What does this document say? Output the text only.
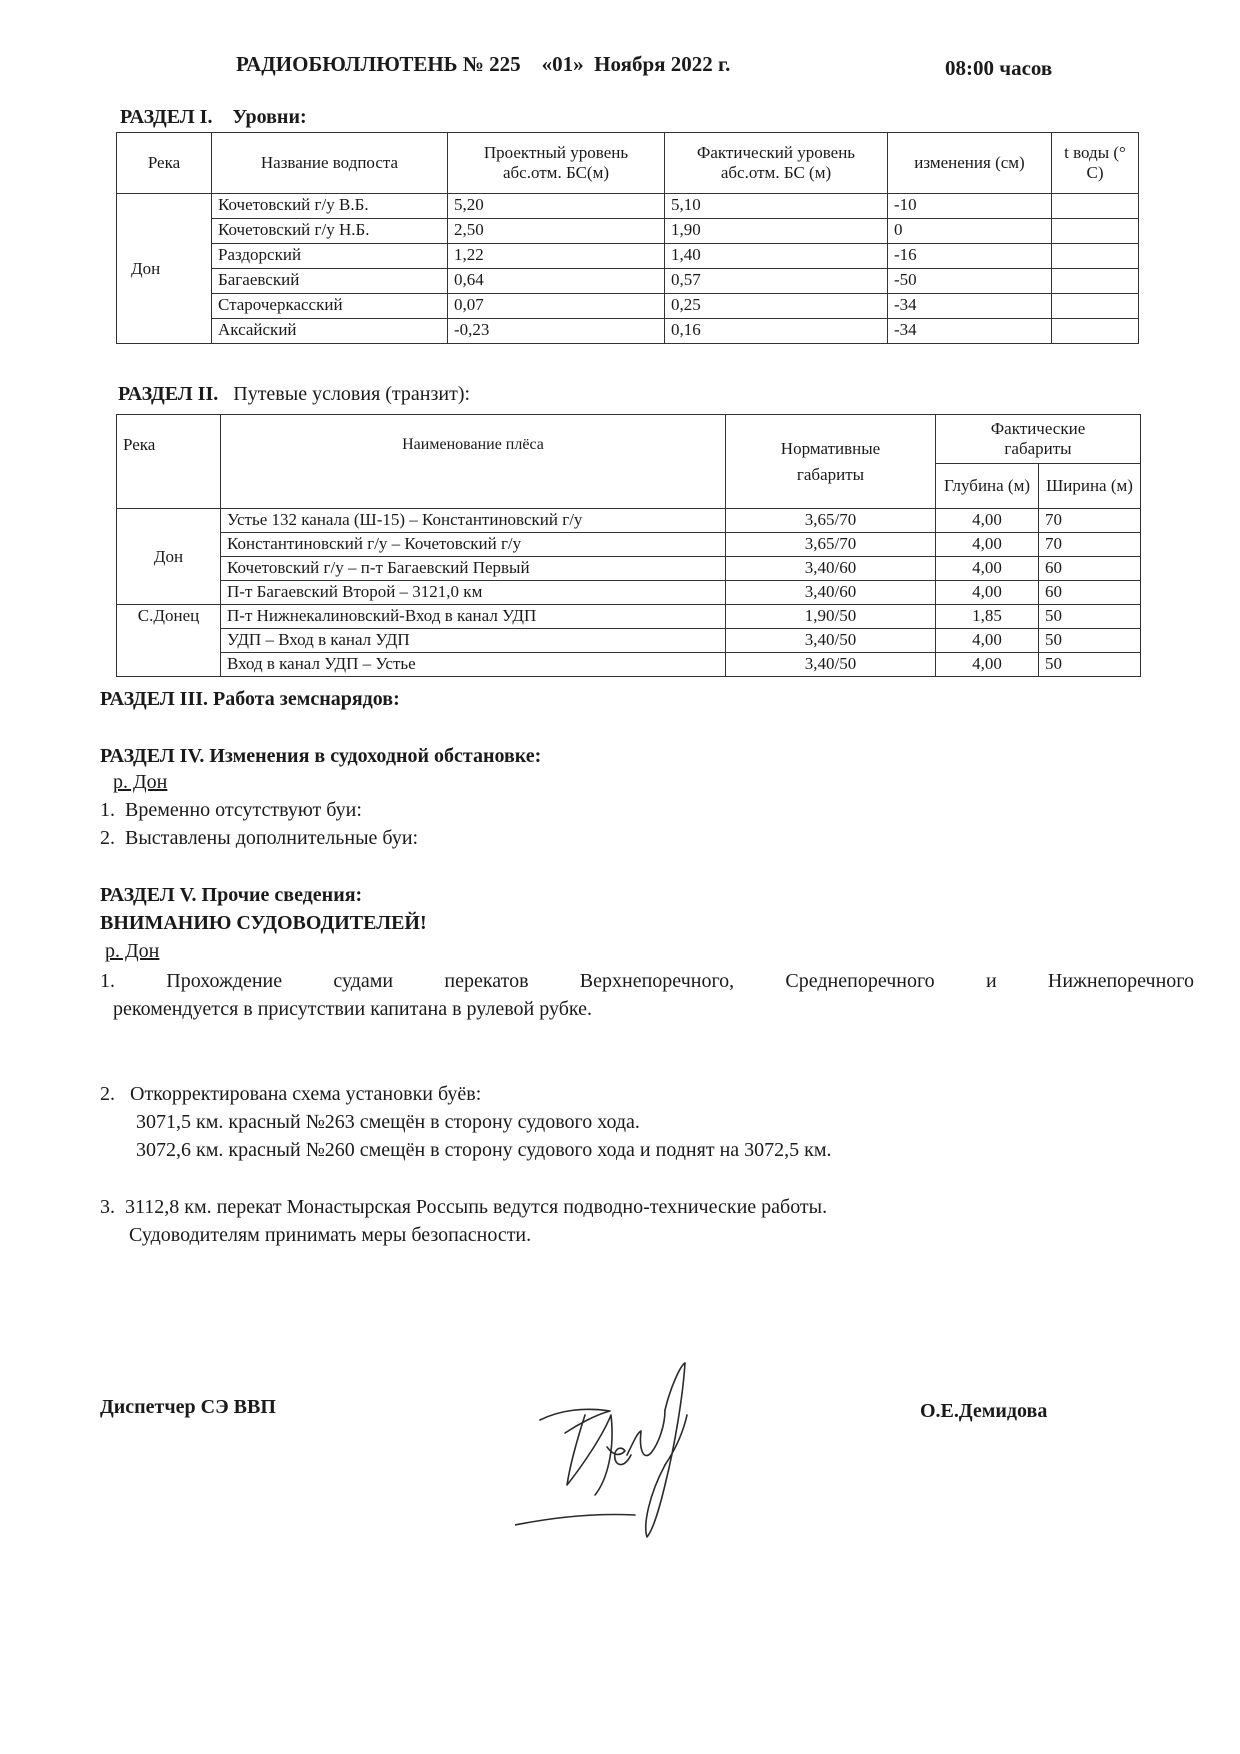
РАДИОБЮЛЛЮТЕНЬ № 225    «01»  Ноября 2022 г.	08:00 часов
РАЗДЕЛ I. Уровни:
Река	Название водпоста	Проектный уровень абс.отм. БС(м)	Фактический уровень абс.отм. БС (м)	изменения (см)	t воды (° С)
Дон	Кочетовский г/у В.Б.	5,20	5,10	-10	
	Кочетовский г/у Н.Б.	2,50	1,90	0	
	Раздорский	1,22	1,40	-16	
	Багаевский	0,64	0,57	-50	
	Старочеркасский	0,07	0,25	-34	
	Аксайский	-0,23	0,16	-34	
РАЗДЕЛ II. Путевые условия (транзит):
Река	Наименование плёса	Нормативные габариты	Фактические габариты	
			Глубина (м)	Ширина (м)
Дон	Устье 132 канала (Ш-15) – Константиновский г/у	3,65/70	4,00	70
	Константиновский г/у – Кочетовский г/у	3,65/70	4,00	70
	Кочетовский г/у – п-т Багаевский Первый	3,40/60	4,00	60
	П-т Багаевский Второй – 3121,0 км	3,40/60	4,00	60
С.Донец	П-т Нижнекалиновский-Вход в канал УДП	1,90/50	1,85	50
	УДП – Вход в канал УДП	3,40/50	4,00	50
	Вход в канал УДП – Устье	3,40/50	4,00	50
РАЗДЕЛ III. Работа земснарядов:
РАЗДЕЛ IV. Изменения в судоходной обстановке:
р. Дон
1.  Временно отсутствуют буи:
2.  Выставлены дополнительные буи:
РАЗДЕЛ V. Прочие сведения:
ВНИМАНИЮ СУДОВОДИТЕЛЕЙ!
р. Дон
1.  Прохождение  судами  перекатов  Верхнепоречного,  Среднепоречного  и  Нижнепоречного
рекомендуется в присутствии капитана в рулевой рубке.
2.   Откорректирована схема установки буёв:
3071,5 км. красный №263 смещён в сторону судового хода.
3072,6 км. красный №260 смещён в сторону судового хода и поднят на 3072,5 км.
3.  3112,8 км. перекат Монастырская Россыпь ведутся подводно-технические работы.
Судоводителям принимать меры безопасности.
Диспетчер СЭ ВВП	О.Е.Демидова
